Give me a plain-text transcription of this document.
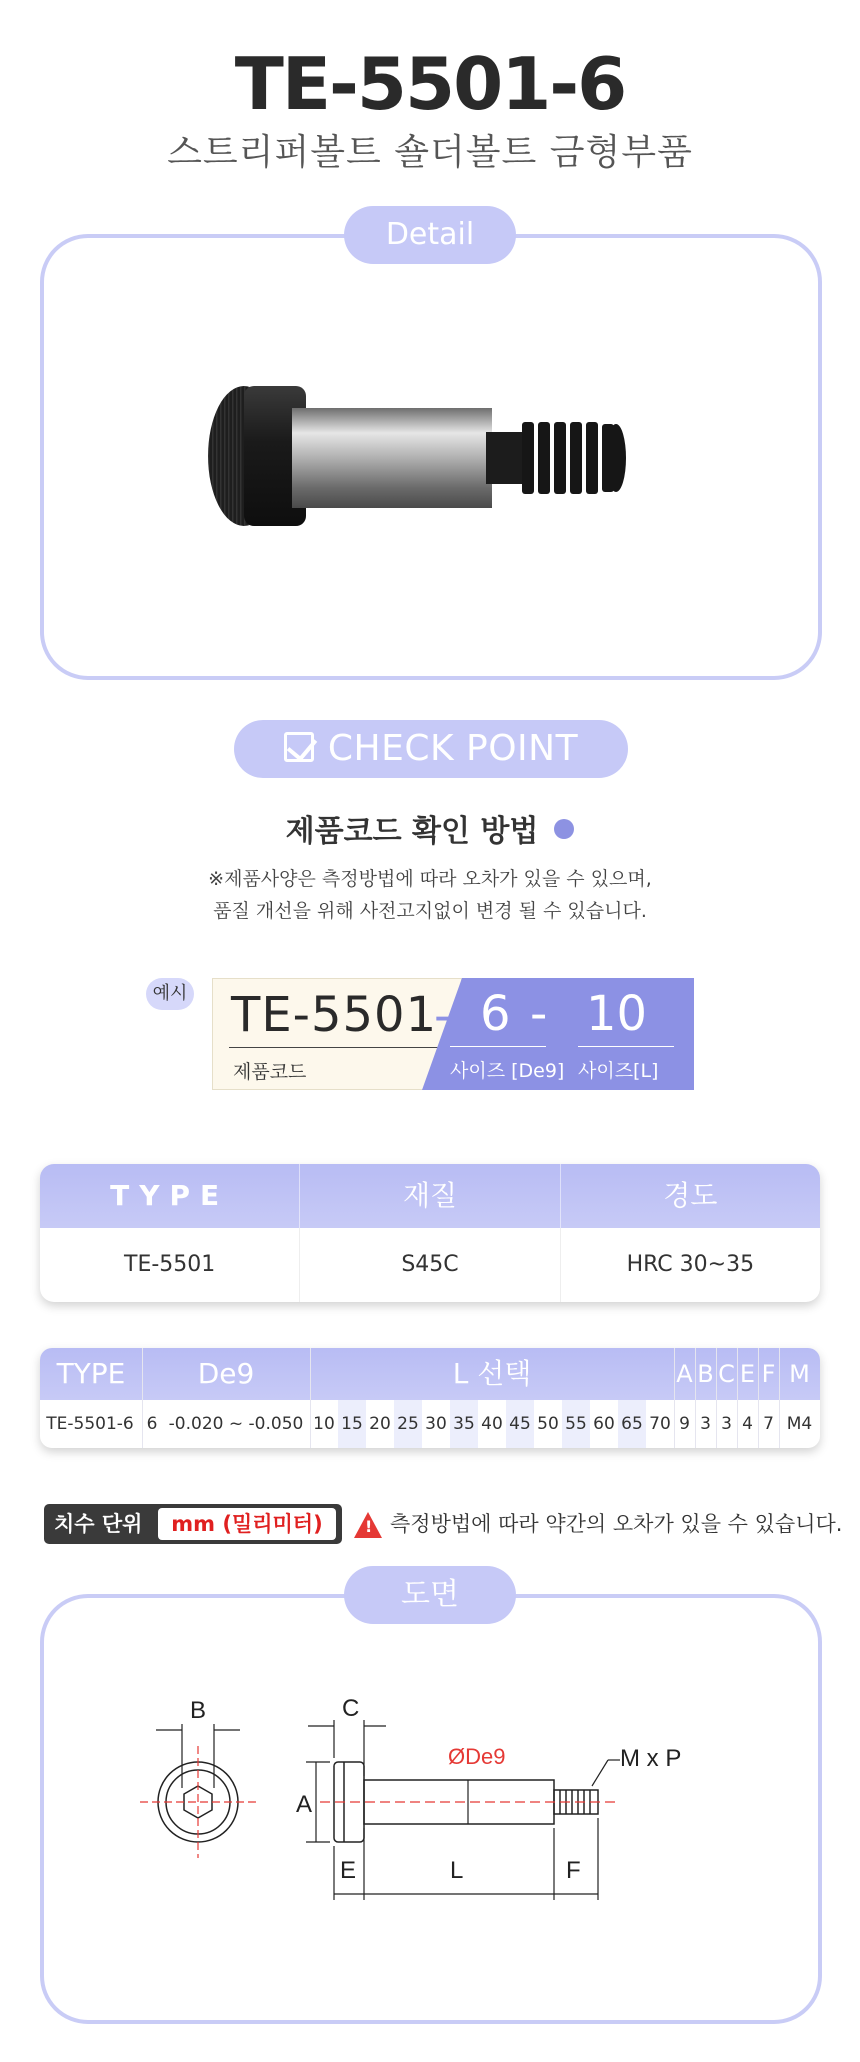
TE-5501-6
스트리퍼볼트 숄더볼트 금형부품
Detail
CHECK POINT
제품코드 확인 방법
※제품사양은 측정방법에 따라 오차가 있을 수 있으며,
품질 개선을 위해 사전고지없이 변경 될 수 있습니다.
예시 TE-5501
제품코드
- 6 - 10
사이즈 [De9] 사이즈[L]
TYPE	재질	경도
TE-5501	S45C	HRC 30~35
TYPE	De9	L 선택	A B C E F M
TE-5501-6 6 -0.020 ~ -0.050 10 15 20 25 30 35 40 45 50 55 60 65 70 9 3 3 4 7 M4
치수 단위	mm (밀리미터)
!	측정방법에 따라 약간의 오차가 있을 수 있습니다.
도면
B	C
A
E	L	F
ØDe9	M x P
